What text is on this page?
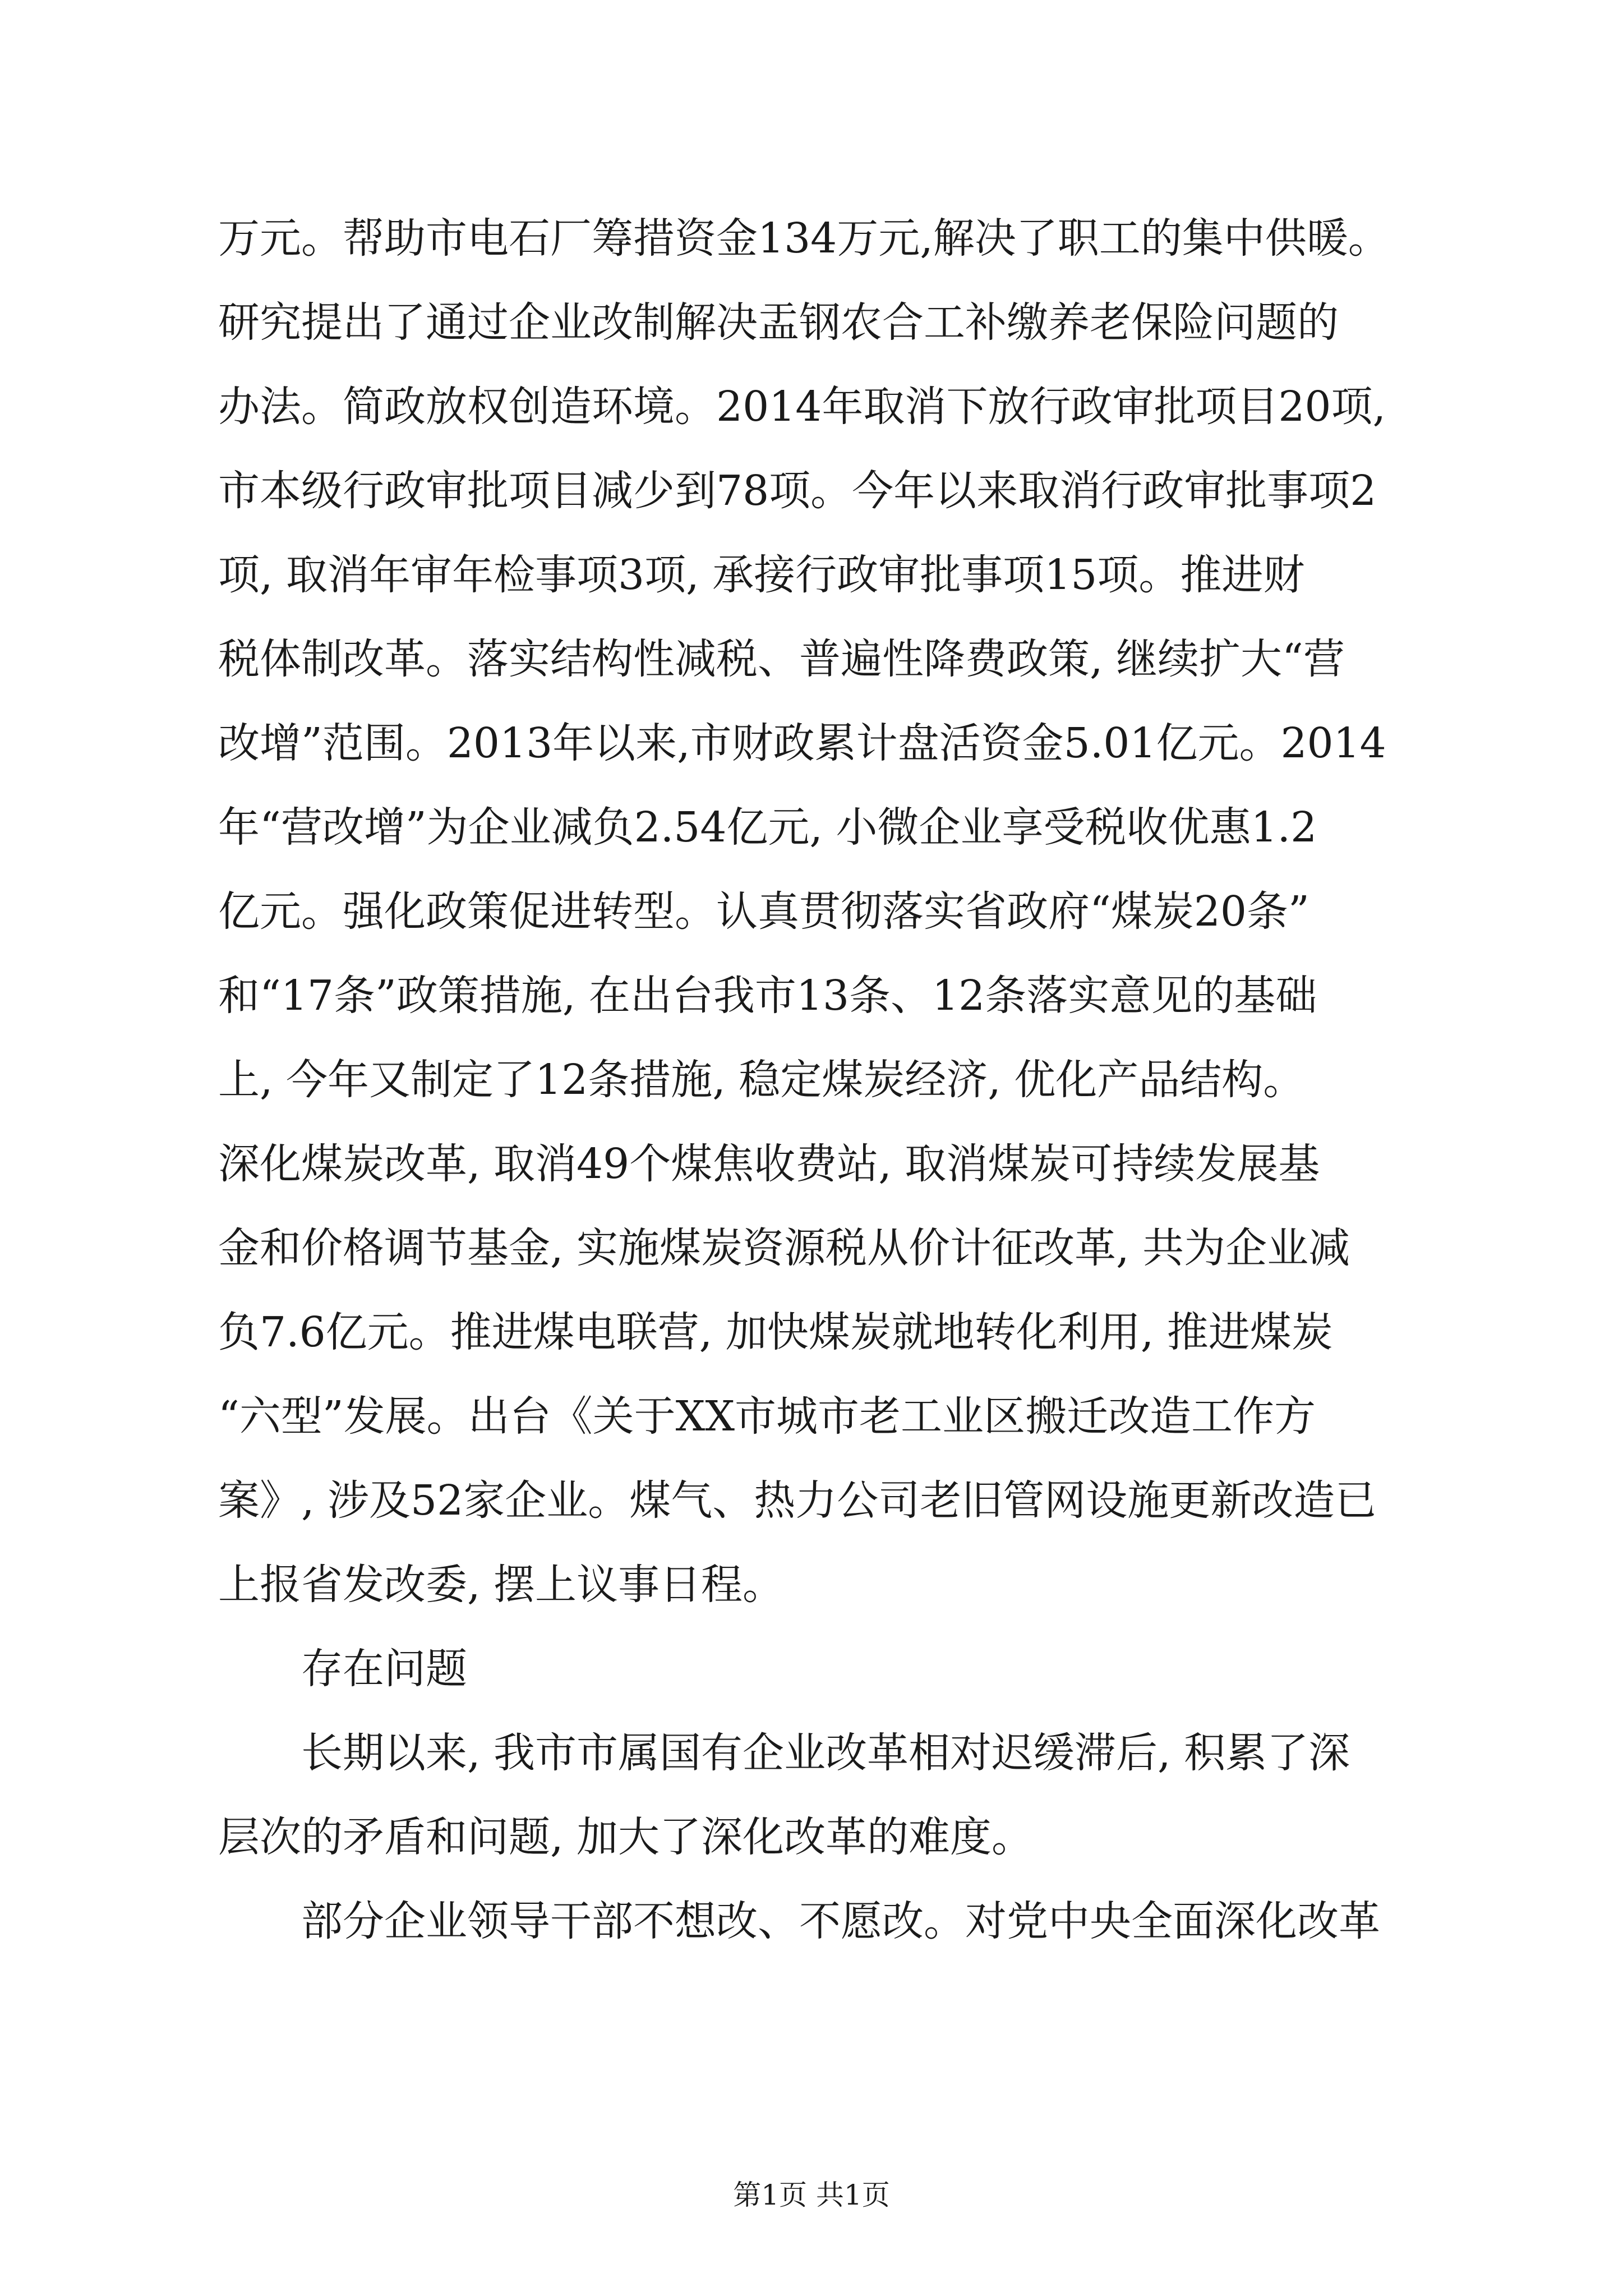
万元。帮助市电石厂筹措资金134万元,解决了职工的集中供暖。
研究提出了通过企业改制解决盂钢农合工补缴养老保险问题的
办法。简政放权创造环境。2014年取消下放行政审批项目20项,
市本级行政审批项目减少到78项。今年以来取消行政审批事项2
项, 取消年审年检事项3项, 承接行政审批事项15项。推进财
税体制改革。落实结构性减税、普遍性降费政策, 继续扩大“营
改增”范围。2013年以来,市财政累计盘活资金5.01亿元。2014
年“营改增”为企业减负2.54亿元, 小微企业享受税收优惠1.2
亿元。强化政策促进转型。认真贯彻落实省政府“煤炭20条”
和“17条”政策措施, 在出台我市13条、12条落实意见的基础
上, 今年又制定了12条措施, 稳定煤炭经济, 优化产品结构。
深化煤炭改革, 取消49个煤焦收费站, 取消煤炭可持续发展基
金和价格调节基金, 实施煤炭资源税从价计征改革, 共为企业减
负7.6亿元。推进煤电联营, 加快煤炭就地转化利用, 推进煤炭
“六型”发展。出台《关于XX市城市老工业区搬迁改造工作方
案》, 涉及52家企业。煤气、热力公司老旧管网设施更新改造已
上报省发改委, 摆上议事日程。
存在问题
长期以来, 我市市属国有企业改革相对迟缓滞后, 积累了深
层次的矛盾和问题, 加大了深化改革的难度。
部分企业领导干部不想改、不愿改。对党中央全面深化改革
第1页 共1页
